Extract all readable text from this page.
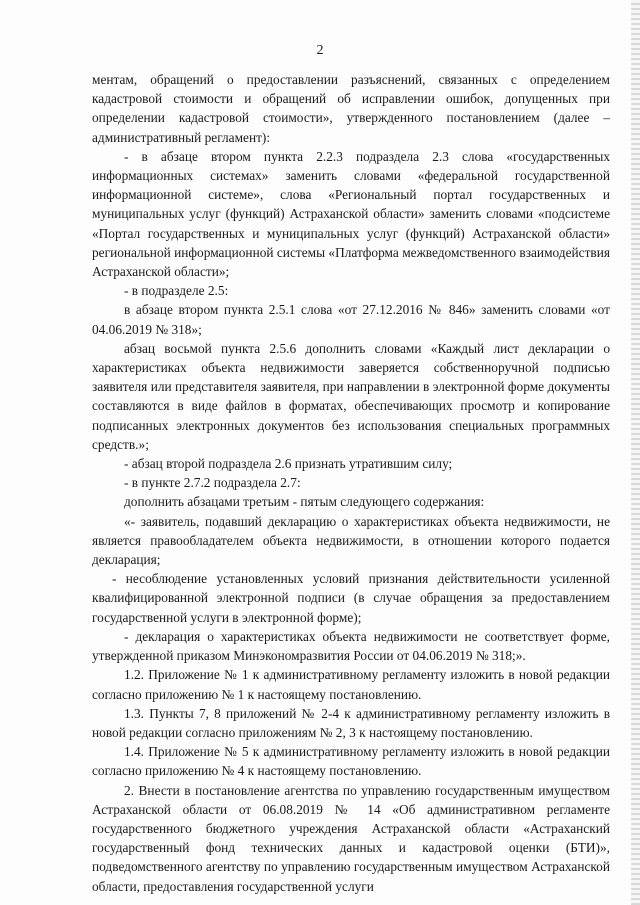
2

ментам, обращений о предоставлении разъяснений, связанных с определением кадастровой стоимости и обращений об исправлении ошибок, допущенных при определении кадастровой стоимости», утвержденного постановлением (далее – административный регламент):

- в абзаце втором пункта 2.2.3 подраздела 2.3 слова «государственных информационных системах» заменить словами «федеральной государственной информационной системе», слова «Региональный портал государственных и муниципальных услуг (функций) Астраханской области» заменить словами «подсистеме «Портал государственных и муниципальных услуг (функций) Астраханской области» региональной информационной системы «Платформа межведомственного взаимодействия Астраханской области»;

- в подразделе 2.5:

в абзаце втором пункта 2.5.1 слова «от 27.12.2016 № 846» заменить словами «от 04.06.2019 № 318»;

абзац восьмой пункта 2.5.6 дополнить словами «Каждый лист декларации о характеристиках объекта недвижимости заверяется собственноручной подписью заявителя или представителя заявителя, при направлении в электронной форме документы составляются в виде файлов в форматах, обеспечивающих просмотр и копирование подписанных электронных документов без использования специальных программных средств.»;

- абзац второй подраздела 2.6 признать утратившим силу;

- в пункте 2.7.2 подраздела 2.7:

дополнить абзацами третьим - пятым следующего содержания:

«- заявитель, подавший декларацию о характеристиках объекта недвижимости, не является правообладателем объекта недвижимости, в отношении которого подается декларация;

- несоблюдение установленных условий признания действительности усиленной квалифицированной электронной подписи (в случае обращения за предоставлением государственной услуги в электронной форме);

- декларация о характеристиках объекта недвижимости не соответствует форме, утвержденной приказом Минэкономразвития России от 04.06.2019 № 318;».

1.2. Приложение № 1 к административному регламенту изложить в новой редакции согласно приложению № 1 к настоящему постановлению.

1.3. Пункты 7, 8 приложений № 2-4 к административному регламенту изложить в новой редакции согласно приложениям № 2, 3 к настоящему постановлению.

1.4. Приложение № 5 к административному регламенту изложить в новой редакции согласно приложению № 4 к настоящему постановлению.

2. Внести в постановление агентства по управлению государственным имуществом Астраханской области от 06.08.2019 № 14 «Об административном регламенте государственного бюджетного учреждения Астраханской области «Астраханский государственный фонд технических данных и кадастровой оценки (БТИ)», подведомственного агентству по управлению государственным имуществом Астраханской области, предоставления государственной услуги
